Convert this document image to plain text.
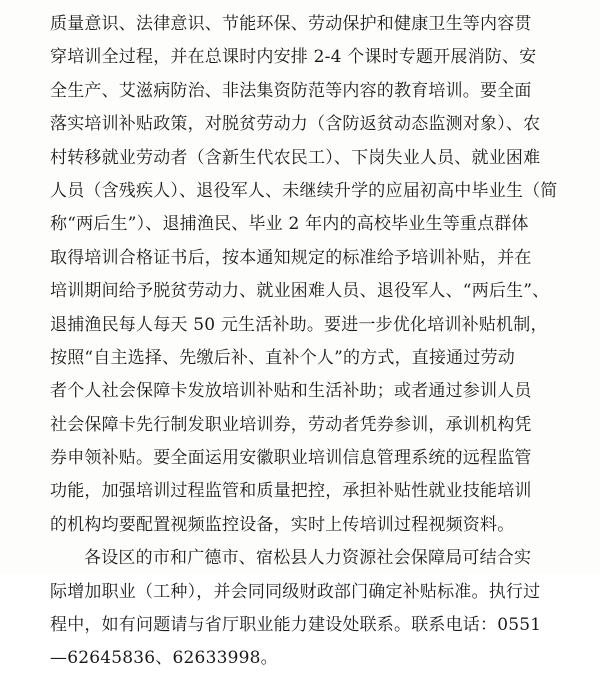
质量意识、法律意识、节能环保、劳动保护和健康卫生等内容贯
穿培训全过程，并在总课时内安排 2-4 个课时专题开展消防、安
全生产、艾滋病防治、非法集资防范等内容的教育培训。要全面
落实培训补贴政策，对脱贫劳动力（含防返贫动态监测对象）、农
村转移就业劳动者（含新生代农民工）、下岗失业人员、就业困难
人员（含残疾人）、退役军人、未继续升学的应届初高中毕业生（简
称“两后生”）、退捕渔民、毕业 2 年内的高校毕业生等重点群体
取得培训合格证书后，按本通知规定的标准给予培训补贴，并在
培训期间给予脱贫劳动力、就业困难人员、退役军人、“两后生”、
退捕渔民每人每天 50 元生活补助。要进一步优化培训补贴机制，
按照“自主选择、先缴后补、直补个人”的方式，直接通过劳动
者个人社会保障卡发放培训补贴和生活补助；或者通过参训人员
社会保障卡先行制发职业培训券，劳动者凭券参训，承训机构凭
券申领补贴。要全面运用安徽职业培训信息管理系统的远程监管
功能，加强培训过程监管和质量把控，承担补贴性就业技能培训
的机构均要配置视频监控设备，实时上传培训过程视频资料。
各设区的市和广德市、宿松县人力资源社会保障局可结合实
际增加职业（工种），并会同同级财政部门确定补贴标准。执行过
程中，如有问题请与省厅职业能力建设处联系。联系电话：0551
—62645836、62633998。
